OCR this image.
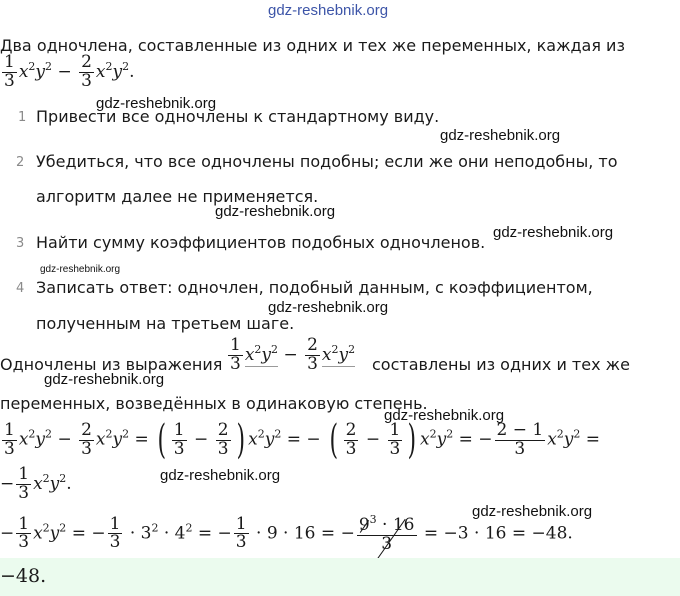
gdz-reshebnik.org
gdz-reshebnik.org
gdz-reshebnik.org
gdz-reshebnik.org
gdz-reshebnik.org
gdz-reshebnik.org
gdz-reshebnik.org
gdz-reshebnik.org
gdz-reshebnik.org
gdz-reshebnik.org
gdz-reshebnik.org
Два одночлена, составленные из одних и тех же переменных, каждая из
$\frac{1}{3} x^2y^2 - \frac{2}{3} x^2y^2$.
1 Привести все одночлены к стандартному виду.
2 Убедиться, что все одночлены подобны; если же они неподобны, то
алгоритм далее не применяется.
3 Найти сумму коэффициентов подобных одночленов.
4 Записать ответ: одночлен, подобный данным, с коэффициентом,
полученным на третьем шаге.
Одночлены из выражения $\frac{1}{3} x^2y^2 - \frac{2}{3} x^2y^2$
составлены из одних и тех же
переменных, возведённых в одинаковую степень.
$\frac{1}{3} x^2y^2 - \frac{2}{3} x^2y^2$ = ( $\frac{1}{3} - \frac{2}{3}$ ) $x^2y^2$ = − ( $\frac{2}{3} - \frac{1}{3}$ ) $x^2y^2$ = − $\frac{2 - 1}{3} x^2y^2$ =
− $\frac{1}{3} x^2y^2$.
− $\frac{1}{3} x^2y^2$ = − $\frac{1}{3} \cdot 3^2 \cdot 4^2$ = − $\frac{1}{3} \cdot 9 \cdot 16$ = − $\frac{9^3 \cdot 16}{3} = -3 \cdot 16 = -48$.
−48.
